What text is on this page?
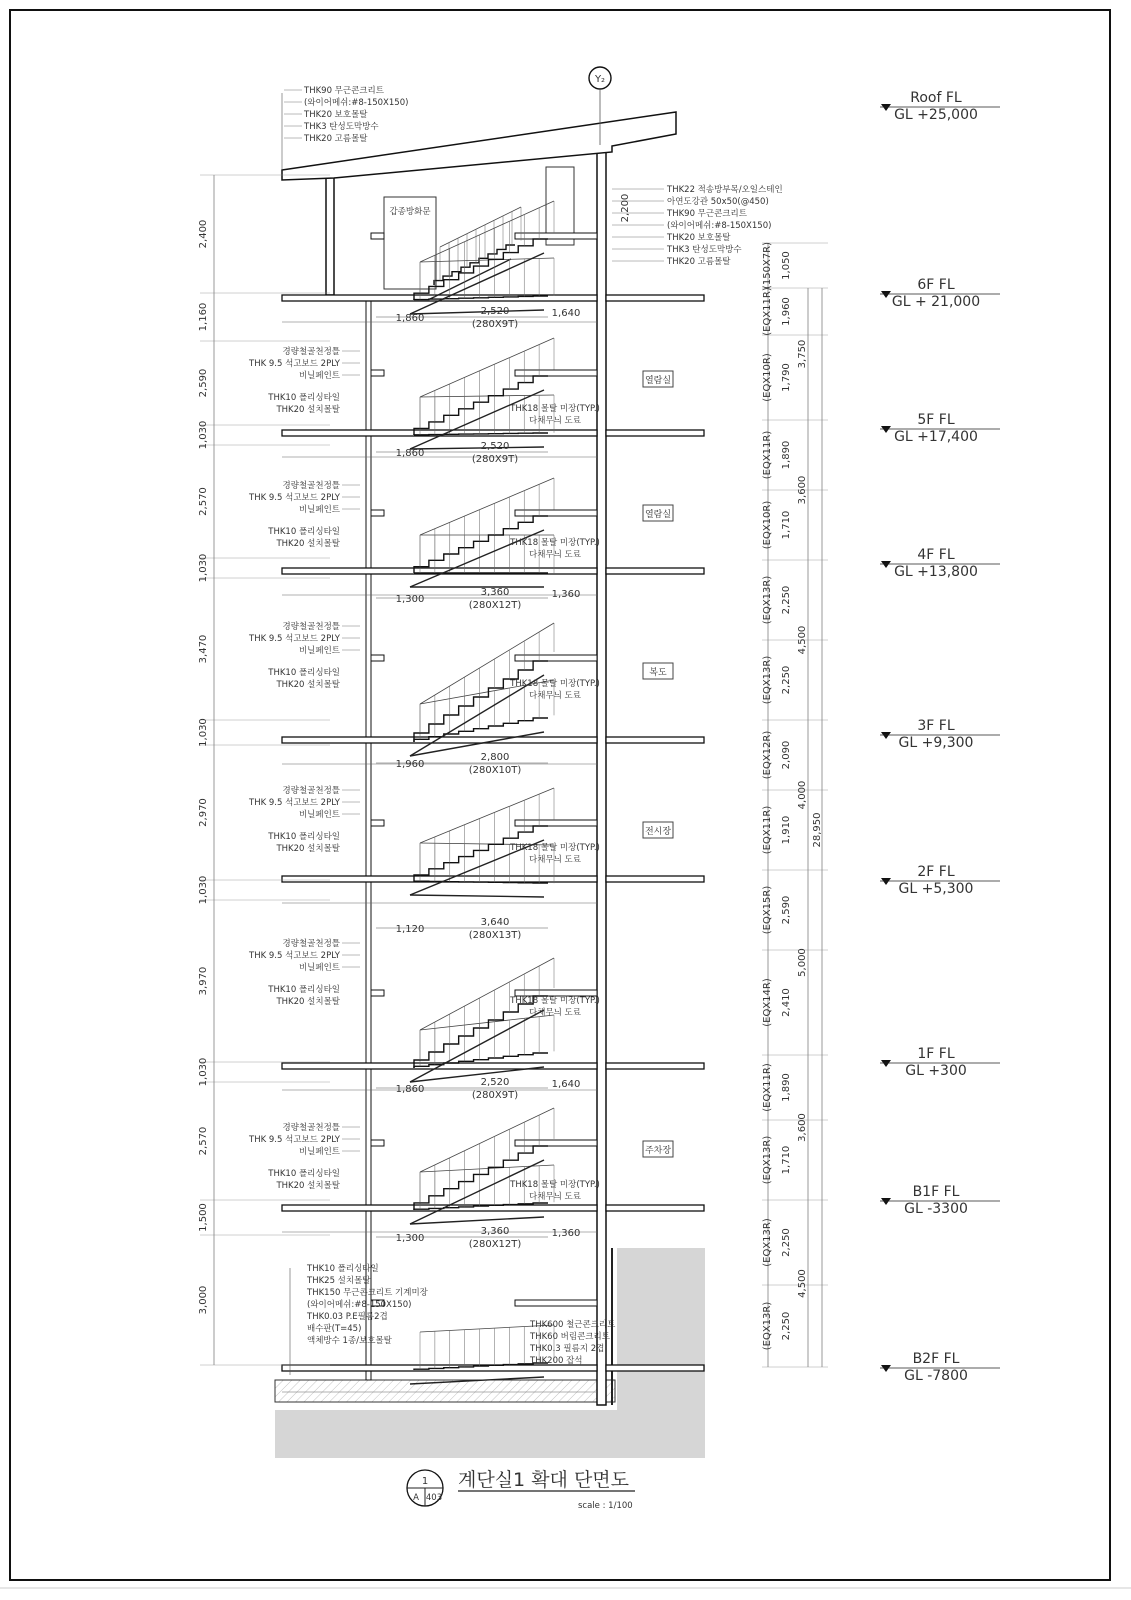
Y₂
Roof FL
GL +25,000
6F FL
GL + 21,000
5F FL
GL +17,400
4F FL
GL +13,800
3F FL
GL +9,300
2F FL
GL +5,300
1F FL
GL +300
B1F FL
GL -3300
B2F FL
GL -7800
2,400
1,160
2,590
1,030
2,570
1,030
3,470
1,030
2,970
1,030
3,970
1,030
2,570
1,500
3,000
1,050
(150X7R)
1,960
(EQX11R)
1,790
(EQX10R)
1,890
(EQX11R)
1,710
(EQX10R)
2,250
(EQX13R)
2,250
(EQX13R)
2,090
(EQX12R)
1,910
(EQX11R)
2,590
(EQX15R)
2,410
(EQX14R)
1,890
(EQX11R)
1,710
(EQX13R)
2,250
(EQX13R)
2,250
(EQX13R)
3,750
3,600
4,500
4,000
5,000
3,600
4,500
28,950
1,860
2,520
(280X9T)
1,640
1,860
2,520
(280X9T)
1,300
3,360
(280X12T)
1,360
1,960
2,800
(280X10T)
1,120
3,640
(280X13T)
1,860
2,520
(280X9T)
1,640
1,300
3,360
(280X12T)
1,360
열람실
열람실
복도
전시장
주차장
갑종방화문
THK90 무근콘크리트
(와이어메쉬:#8-150X150)
THK20 보호몰탈
THK3 탄성도막방수
THK20 고름몰탈
THK22 적송방부목/오일스테인
아연도강관 50x50(@450)
THK90 무근콘크리트
(와이어메쉬:#8-150X150)
THK20 보호몰탈
THK3 탄성도막방수
THK20 고름몰탈
2,200
경량철골천정틀
THK 9.5 석고보드 2PLY
비닐페인트
THK10 폴리싱타일
THK20 설치몰탈	THK18 몰탈 미장(TYP.)
다채무늬 도료
경량철골천정틀
THK 9.5 석고보드 2PLY
비닐페인트
THK10 폴리싱타일
THK20 설치몰탈	THK18 몰탈 미장(TYP.)
다채무늬 도료
경량철골천정틀
THK 9.5 석고보드 2PLY
비닐페인트
THK10 폴리싱타일
THK20 설치몰탈	THK18 몰탈 미장(TYP.)
다채무늬 도료
경량철골천정틀
THK 9.5 석고보드 2PLY
비닐페인트
THK10 폴리싱타일
THK20 설치몰탈	THK18 몰탈 미장(TYP.)
다채무늬 도료
경량철골천정틀
THK 9.5 석고보드 2PLY
비닐페인트
THK10 폴리싱타일
THK20 설치몰탈	THK18 몰탈 미장(TYP.)
다채무늬 도료
경량철골천정틀
THK 9.5 석고보드 2PLY
비닐페인트
THK10 폴리싱타일
THK20 설치몰탈	THK18 몰탈 미장(TYP.)
다채무늬 도료
THK10 폴리싱타일
THK25 설치몰탈
THK150 무근콘크리트 기계미장
(와이어메쉬:#8-150X150)
THK0.03 P.E필름2겹
배수판(T=45)
액체방수 1종/보호몰탈
THK600 철근콘크리트
THK60 버림콘크리트
THK0.3 필름지 2겹
THK200 잡석
1
A 403
계단실1 확대 단면도
scale : 1/100
